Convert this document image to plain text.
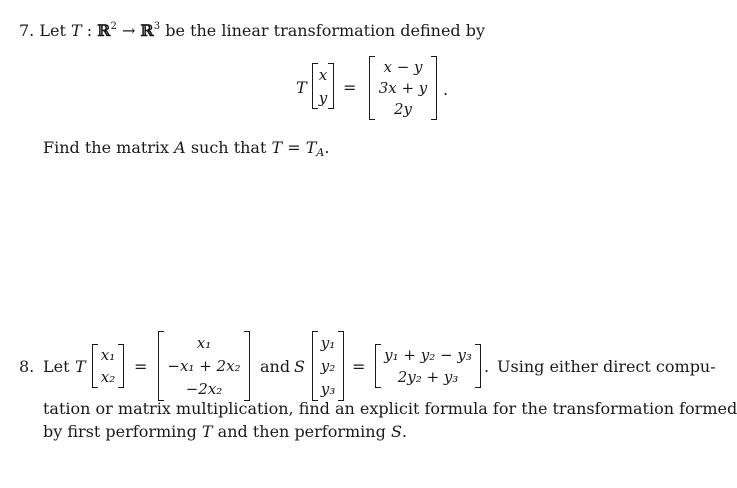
7. Let T : ℝ$^2$ → ℝ$^3$ be the linear transformation defined by
T
x
y
=
x − y
3x + y
2y
.
Find the matrix A such that $T = T_A$.
8. Let T
x₁
x₂
=
x₁
−x₁ + 2x₂
−2x₂
and S
y₁
y₂
y₃
=
y₁ + y₂ − y₃
2y₂ + y₃
. Using either direct compu-
tation or matrix multiplication, find an explicit formula for the transformation formed
by first performing T and then performing S.
